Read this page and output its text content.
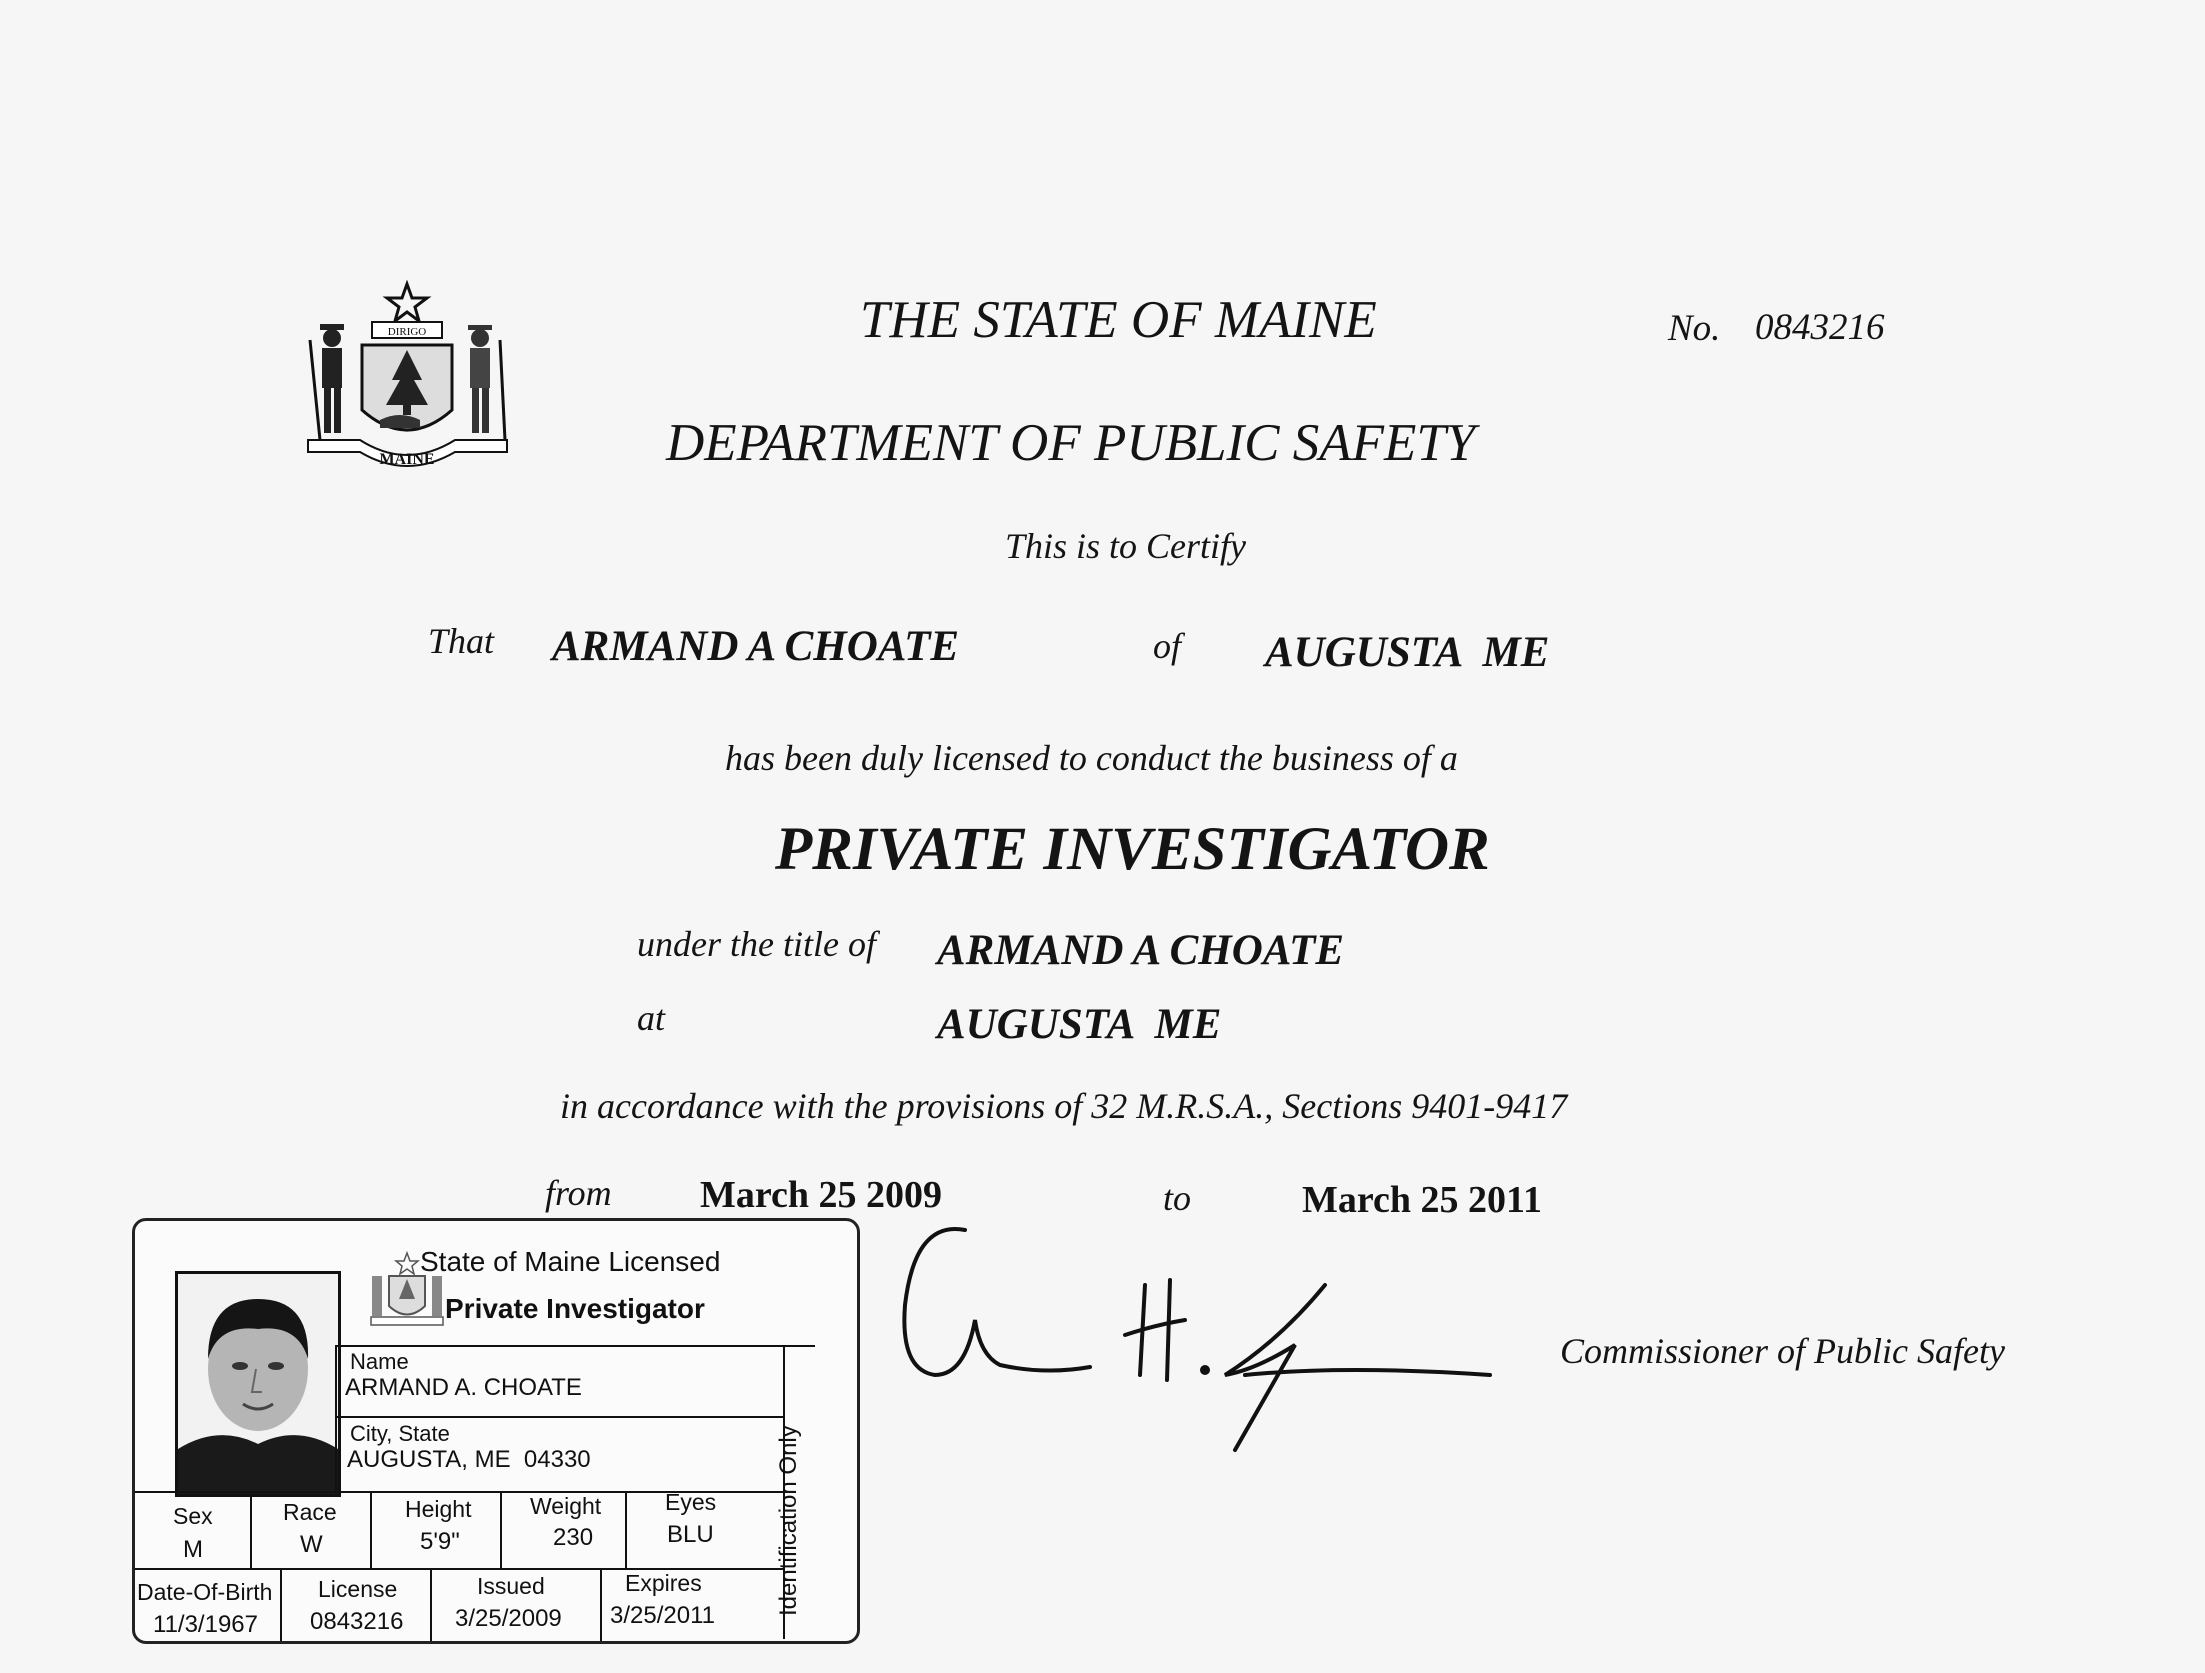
DIRIGO
MAINE
THE STATE OF MAINE
DEPARTMENT OF PUBLIC SAFETY
No. 0843216
This is to Certify
That ARMAND A CHOATE	of AUGUSTA  ME
has been duly licensed to conduct the business of a
PRIVATE INVESTIGATOR
under the title of ARMAND A CHOATE
at	AUGUSTA  ME
in accordance with the provisions of 32 M.R.S.A., Sections 9401-9417
from March 25 2009	to	March 25 2011
Commissioner of Public Safety
State of Maine Licensed
Private Investigator
Name
ARMAND A. CHOATE
City, State
AUGUSTA, ME  04330	Identification Only
Sex
M
Race
W
Height
5'9"
Weight
230
Eyes
BLU
Date-Of-Birth
11/3/1967
License
0843216
Issued
3/25/2009
Expires
3/25/2011
